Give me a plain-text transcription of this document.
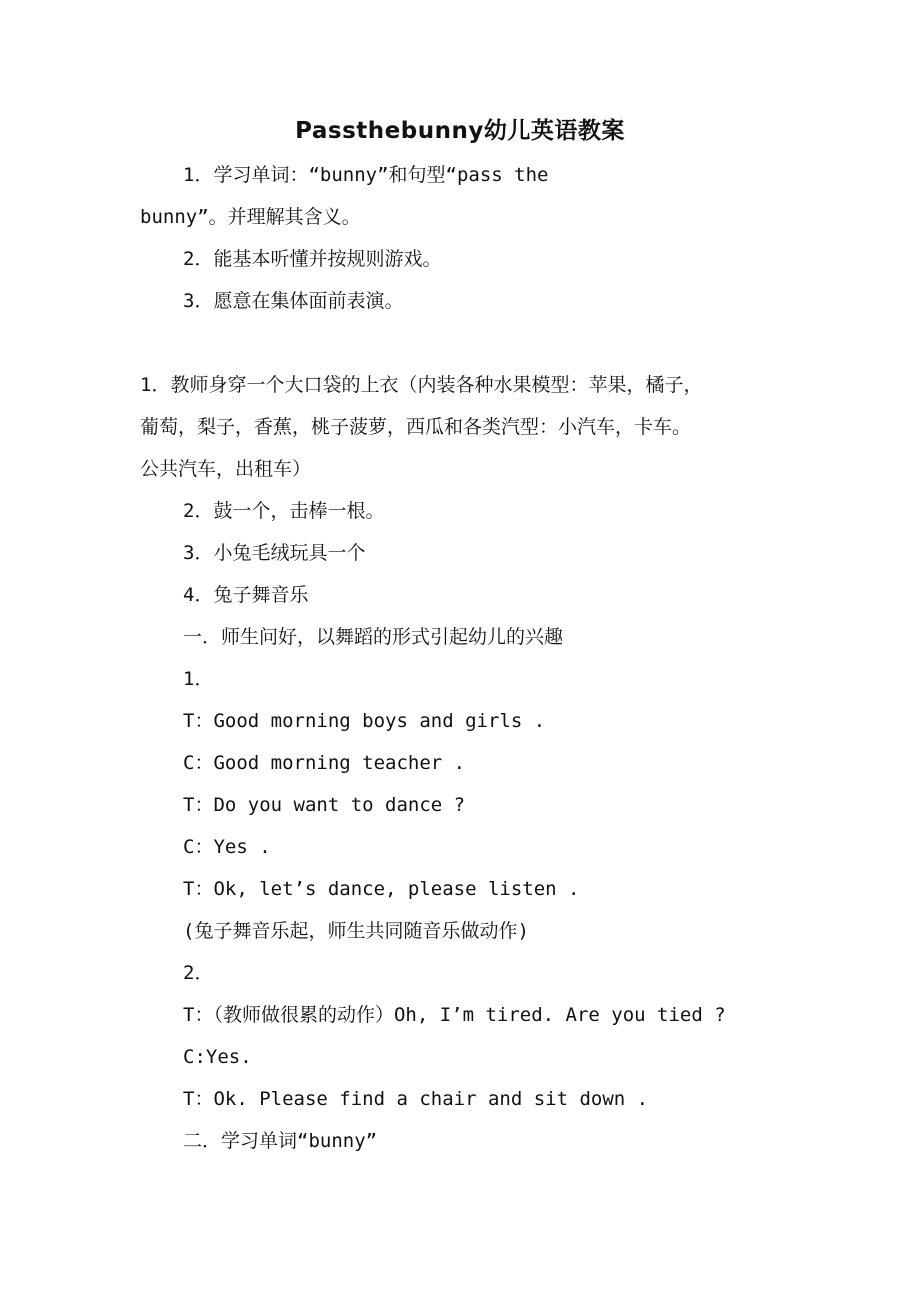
Passthebunny幼儿英语教案
1．学习单词：“bunny”和句型“pass the
bunny”。并理解其含义。
2．能基本听懂并按规则游戏。
3．愿意在集体面前表演。
1．教师身穿一个大口袋的上衣（内装各种水果模型：苹果，橘子，
葡萄，梨子，香蕉，桃子菠萝，西瓜和各类汽型：小汽车，卡车。
公共汽车，出租车）
2．鼓一个，击棒一根。
3．小兔毛绒玩具一个
4．兔子舞音乐
一．师生问好，以舞蹈的形式引起幼儿的兴趣
1．
T：Good morning boys and girls .
C：Good morning teacher .
T：Do you want to dance ?
C：Yes .
T：Ok, let’s dance, please listen .
(兔子舞音乐起，师生共同随音乐做动作)
2．
T：（教师做很累的动作）Oh, I’m tired. Are you tied ?
C:Yes.
T：Ok. Please find a chair and sit down .
二．学习单词“bunny”
